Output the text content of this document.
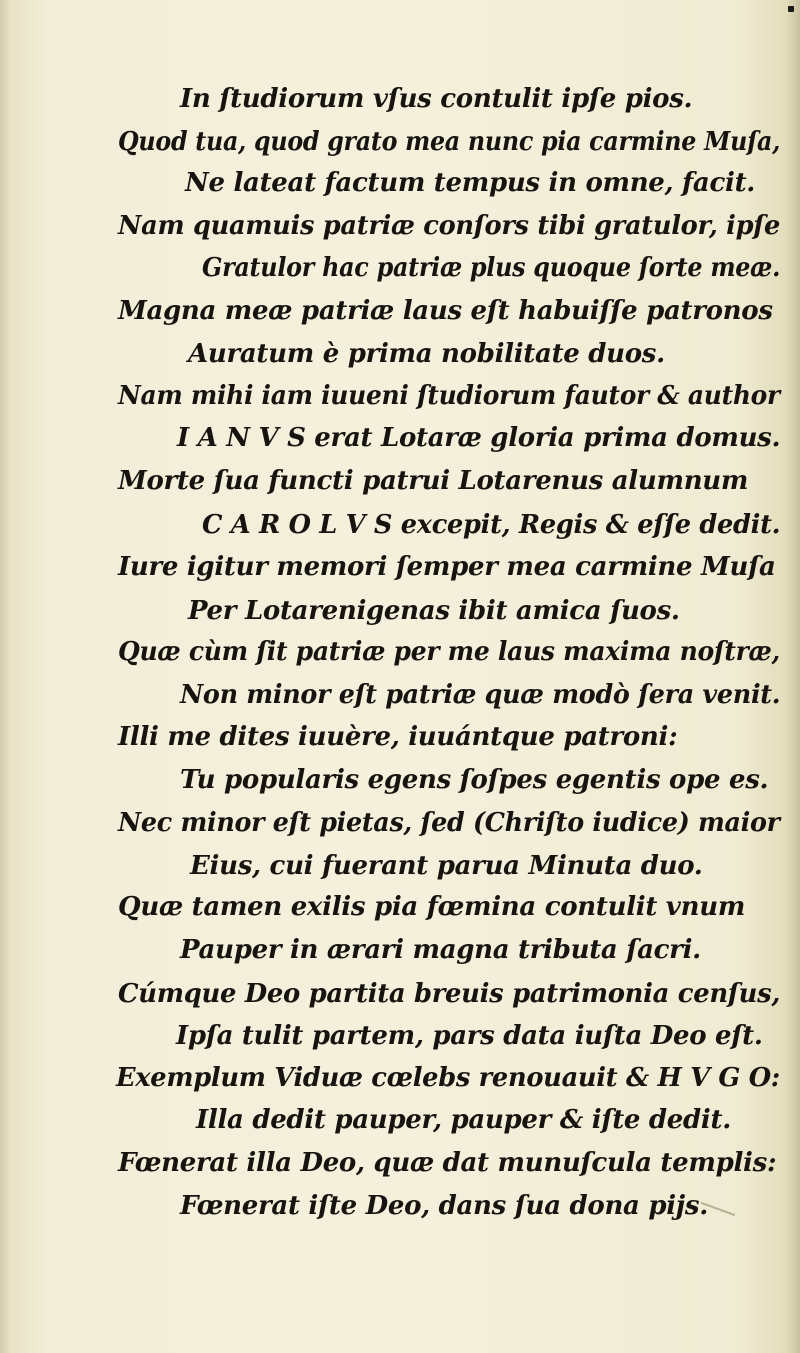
In ſtudiorum vſus contulit ipſe pios.
Quod tua, quod grato mea nunc pia carmine Muſa,
Ne lateat factum tempus in omne, facit.
Nam quamuis patriæ conſors tibi gratulor, ipſe
Gratulor hac patriæ plus quoque ſorte meæ.
Magna meæ patriæ laus eſt habuiſſe patronos
Auratum è prima nobilitate duos.
Nam mihi iam iuueni ſtudiorum fautor & author
I A N V S erat Lotaræ gloria prima domus.
Morte ſua functi patrui Lotarenus alumnum
C A R O L V S excepit, Regis & eſſe dedit.
Iure igitur memori ſemper mea carmine Muſa
Per Lotarenigenas ibit amica ſuos.
Quæ cùm ſit patriæ per me laus maxima noſtræ,
Non minor eſt patriæ quæ modò ſera venit.
Illi me dites iuuère, iuuántque patroni:
Tu popularis egens ſoſpes egentis ope es.
Nec minor eſt pietas, ſed (Chriſto iudice) maior
Eius, cui fuerant parua Minuta duo.
Quæ tamen exilis pia fœmina contulit vnum
Pauper in ærari magna tributa ſacri.
Cúmque Deo partita breuis patrimonia cenſus,
Ipſa tulit partem, pars data iuſta Deo eſt.
Exemplum Viduæ cœlebs renouauit & H V G O:
Illa dedit pauper, pauper & iſte dedit.
Fœnerat illa Deo, quæ dat munuſcula templis:
Fœnerat iſte Deo, dans ſua dona pijs.
